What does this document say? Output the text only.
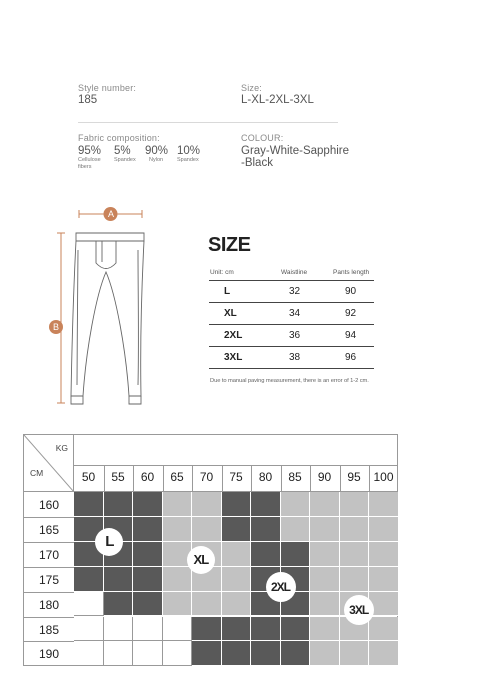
Style number:
185
Size:
L-XL-2XL-3XL
Fabric composition:
95%
Cellulose fibers
5%
Spandex
90%
Nylon
10%
Spandex
COLOUR:
Gray-White-Sapphire
-Black
A
B
SIZE
Unit: cm	Waistline	Pants length
L	32	90
XL	34	92
2XL	36	94
3XL	38	96
Due to manual paving measurement, there is an error of 1-2 cm.
KG
CM	50	55	60	65	70	75	80	85	90	95	100
160
165
170
175
180
185
190
L
XL
2XL
3XL
